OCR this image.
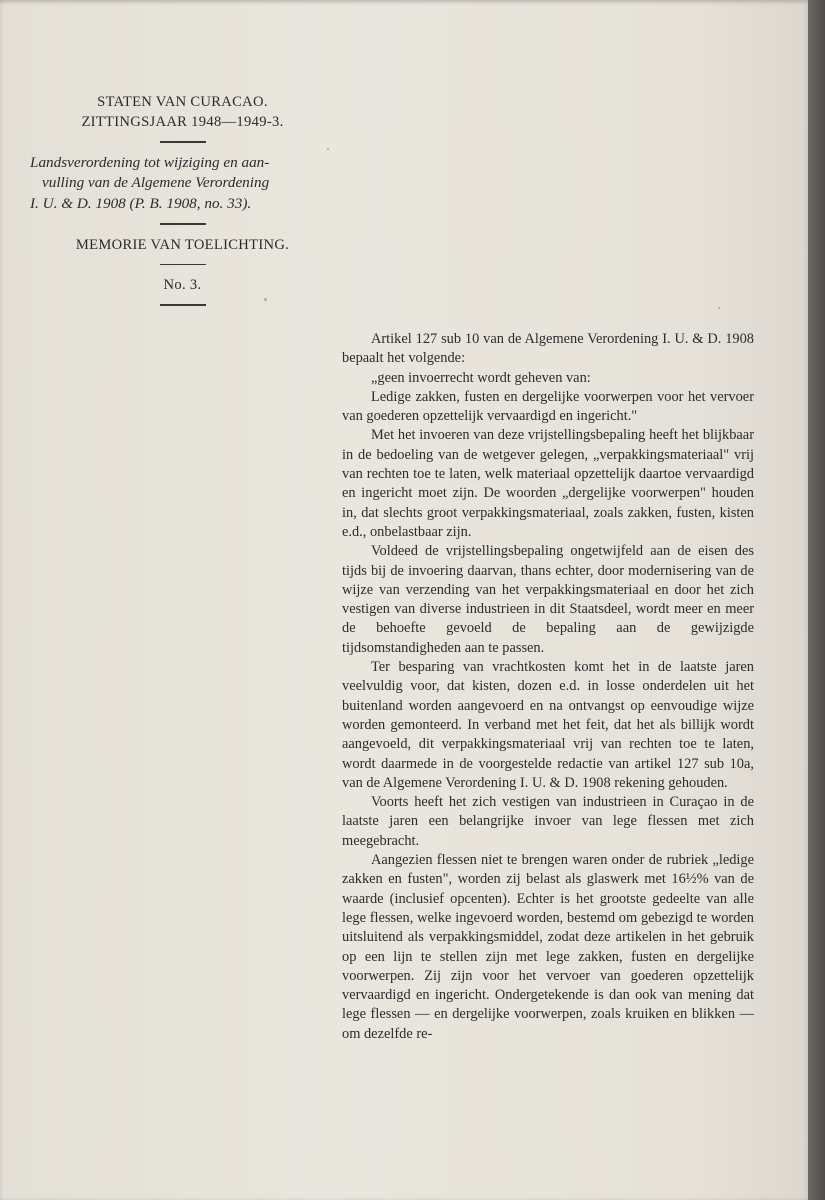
STATEN VAN CURACAO.
ZITTINGSJAAR 1948—1949-3.
Landsverordening tot wijziging en aan-
vulling van de Algemene Verordening
I. U. & D. 1908 (P. B. 1908, no. 33).
MEMORIE VAN TOELICHTING.
No. 3.

Artikel 127 sub 10 van de Algemene Verordening I. U. & D. 1908 bepaalt het volgende:

„geen invoerrecht wordt geheven van:

Ledige zakken, fusten en dergelijke voorwerpen voor het vervoer van goederen opzettelijk vervaardigd en ingericht."

Met het invoeren van deze vrijstellingsbepaling heeft het blijkbaar in de bedoeling van de wetgever gelegen, „verpakkingsmateriaal" vrij van rechten toe te laten, welk materiaal opzettelijk daartoe vervaardigd en ingericht moet zijn. De woorden „dergelijke voorwerpen" houden in, dat slechts groot verpakkingsmateriaal, zoals zakken, fusten, kisten e.d., onbelastbaar zijn.

Voldeed de vrijstellingsbepaling ongetwijfeld aan de eisen des tijds bij de invoering daarvan, thans echter, door modernisering van de wijze van verzending van het verpakkingsmateriaal en door het zich vestigen van diverse industrieen in dit Staatsdeel, wordt meer en meer de behoefte gevoeld de bepaling aan de gewijzigde tijdsomstandigheden aan te passen.

Ter besparing van vrachtkosten komt het in de laatste jaren veelvuldig voor, dat kisten, dozen e.d. in losse onderdelen uit het buitenland worden aangevoerd en na ontvangst op eenvoudige wijze worden gemonteerd. In verband met het feit, dat het als billijk wordt aangevoeld, dit verpakkingsmateriaal vrij van rechten toe te laten, wordt daarmede in de voorgestelde redactie van artikel 127 sub 10a, van de Algemene Verordening I. U. & D. 1908 rekening gehouden.

Voorts heeft het zich vestigen van industrieen in Curaçao in de laatste jaren een belangrijke invoer van lege flessen met zich meegebracht.

Aangezien flessen niet te brengen waren onder de rubriek „ledige zakken en fusten", worden zij belast als glaswerk met 16½% van de waarde (inclusief opcenten). Echter is het grootste gedeelte van alle lege flessen, welke ingevoerd worden, bestemd om gebezigd te worden uitsluitend als verpakkingsmiddel, zodat deze artikelen in het gebruik op een lijn te stellen zijn met lege zakken, fusten en dergelijke voorwerpen. Zij zijn voor het vervoer van goederen opzettelijk vervaardigd en ingericht. Ondergetekende is dan ook van mening dat lege flessen — en dergelijke voorwerpen, zoals kruiken en blikken — om dezelfde re-
